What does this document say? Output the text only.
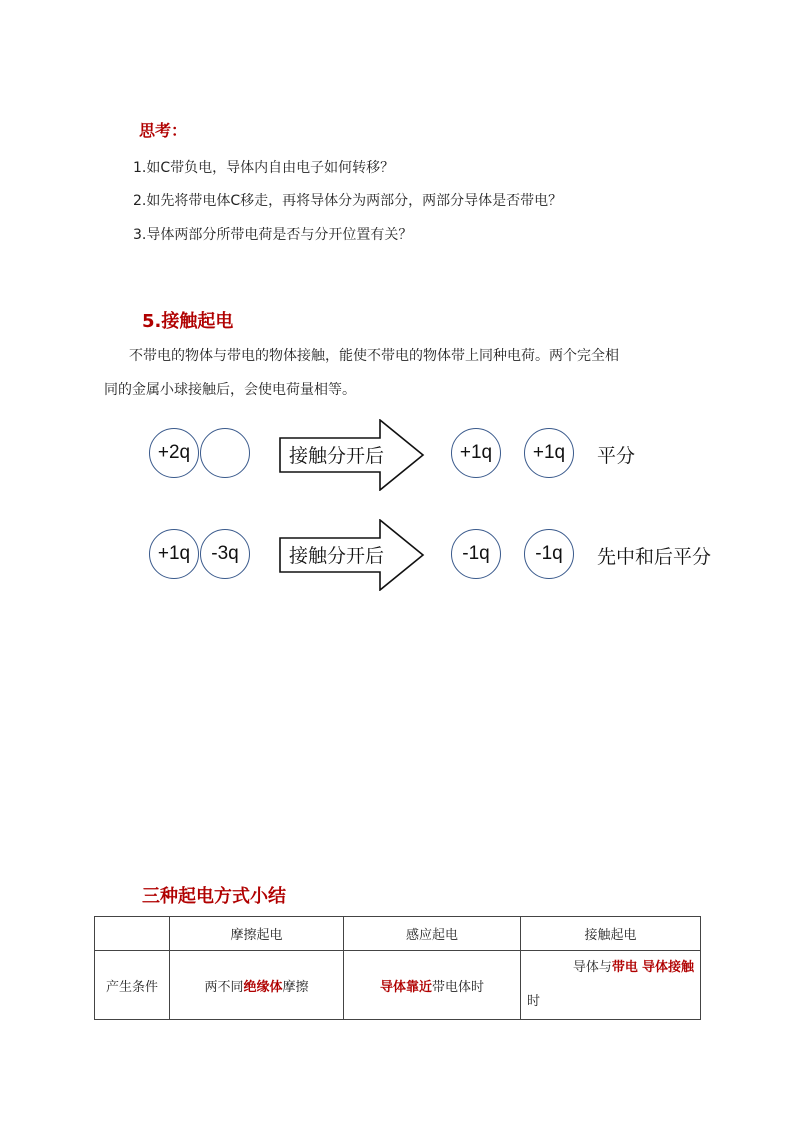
思考：
1.如C带负电，导体内自由电子如何转移？
2.如先将带电体C移走，再将导体分为两部分，两部分导体是否带电？
3.导体两部分所带电荷是否与分开位置有关？
5.接触起电
不带电的物体与带电的物体接触，能使不带电的物体带上同种电荷。两个完全相
同的金属小球接触后，会使电荷量相等。
+2q	接触分开后	+1q	+1q	平分
+1q	-3q	接触分开后	-1q	-1q	先中和后平分
三种起电方式小结
	摩擦起电	感应起电	接触起电
产生条件	两不同绝缘体摩擦	导体靠近带电体时	导体与带电 导体接触
时
